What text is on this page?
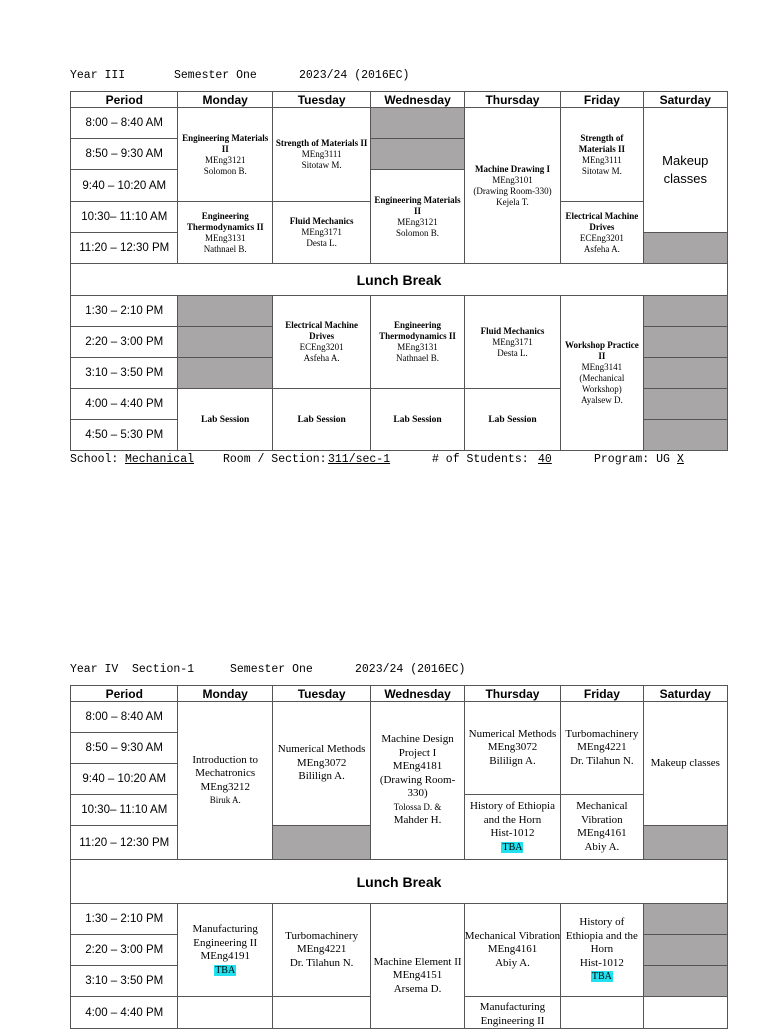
Year III	Semester One	2023/24 (2016EC)
Period	Monday	Tuesday	Wednesday	Thursday	Friday	Saturday
8:00 – 8:40 AM	Engineering Materials II
MEng3121
Solomon B.	Strength of Materials II
MEng3111
Sitotaw M.		Machine Drawing I
MEng3101
(Drawing Room-330)
Kejela T.	Strength of Materials II
MEng3111
Sitotaw M.	Makeup classes

8:50 – 9:30 AM						
9:40 – 10:20 AM			Engineering Materials II
MEng3121
Solomon B.			

10:30– 11:10 AM	Engineering Thermodynamics II
MEng3131
Nathnael B.	Fluid Mechanics
MEng3171
Desta L.			Electrical Machine Drives
ECEng3201
Asfeha A.	

11:20 – 12:30 PM						
Lunch Break						
1:30 – 2:10 PM		Electrical Machine Drives
ECEng3201
Asfeha A.	Engineering Thermodynamics II
MEng3131
Nathnael B.	Fluid Mechanics
MEng3171
Desta L.	Workshop Practice II
MEng3141
(Mechanical Workshop)
Ayalsew D.	

2:20 – 3:00 PM						
3:10 – 3:50 PM						
4:00 – 4:40 PM	Lab Session	Lab Session	Lab Session	Lab Session		
4:50 – 5:30 PM						
School: Mechanical	Room / Section: 311/sec-1	# of Students: 40	Program: UG X
Year IV Section-1	Semester One	2023/24 (2016EC)
Period	Monday	Tuesday	Wednesday	Thursday	Friday	Saturday
8:00 – 8:40 AM	Introduction to Mechatronics
MEng3212
Biruk A.	Numerical Methods
MEng3072
Bililign A.	Machine Design Project I
MEng4181
(Drawing Room-330)
Tolossa D. &
Mahder H.	Numerical Methods
MEng3072
Bililign A.	Turbomachinery
MEng4221
Dr. Tilahun N.	Makeup classes

8:50 – 9:30 AM						
9:40 – 10:20 AM						
10:30– 11:10 AM				History of Ethiopia and the Horn
Hist-1012
TBA	Mechanical Vibration
MEng4161
Abiy A.	

11:20 – 12:30 PM						
Lunch Break						
1:30 – 2:10 PM	Manufacturing Engineering II
MEng4191
TBA	Turbomachinery
MEng4221
Dr. Tilahun N.	Machine Element II
MEng4151
Arsema D.	Mechanical Vibration
MEng4161
Abiy A.	History of Ethiopia and the Horn
Hist-1012
TBA	

2:20 – 3:00 PM						
3:10 – 3:50 PM						
4:00 – 4:40 PM				Manufacturing Engineering II		
